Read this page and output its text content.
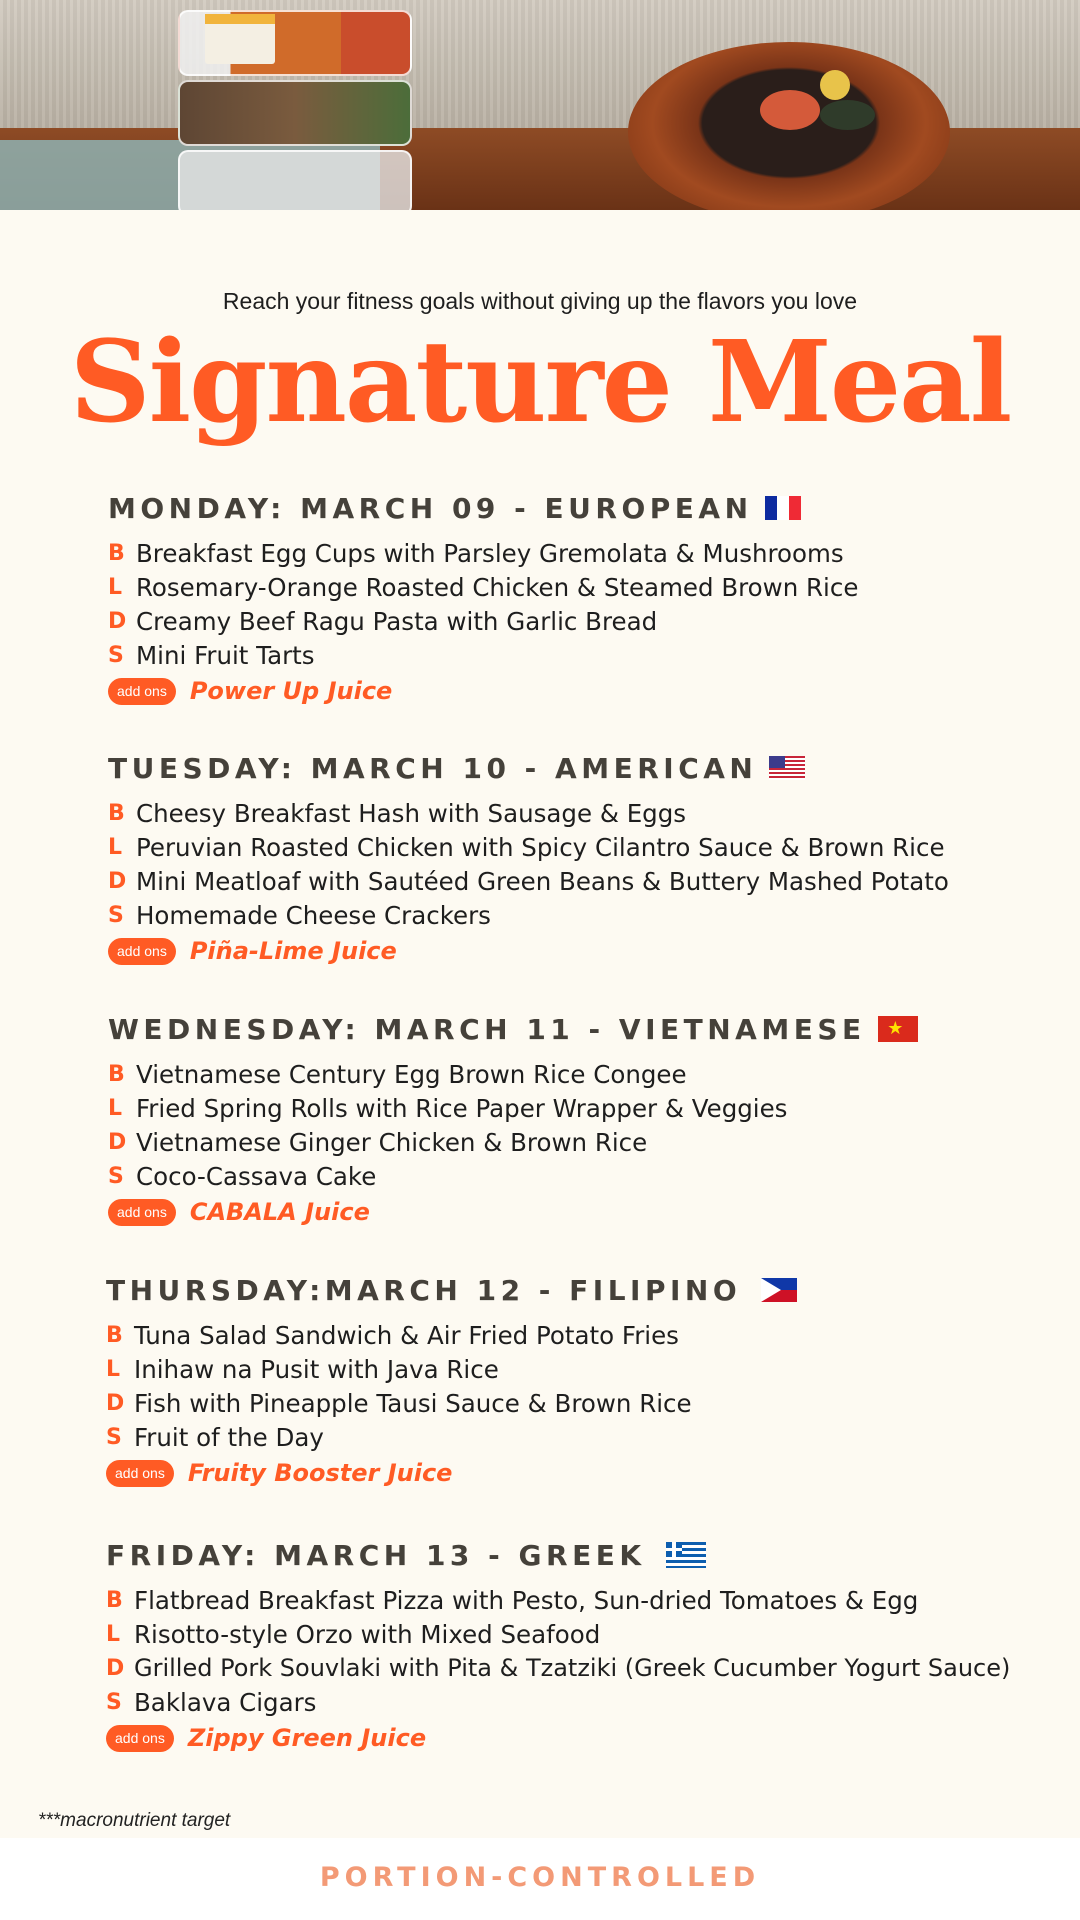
Reach your fitness goals without giving up the flavors you love
Signature Meal
MONDAY: MARCH 09 - EUROPEAN
B Breakfast Egg Cups with Parsley Gremolata & Mushrooms
L Rosemary-Orange Roasted Chicken & Steamed Brown Rice
D Creamy Beef Ragu Pasta with Garlic Bread
S Mini Fruit Tarts
add ons Power Up Juice
TUESDAY: MARCH 10 - AMERICAN
B Cheesy Breakfast Hash with Sausage & Eggs
L Peruvian Roasted Chicken with Spicy Cilantro Sauce & Brown Rice
D Mini Meatloaf with Sautéed Green Beans & Buttery Mashed Potato
S Homemade Cheese Crackers
add ons Piña-Lime Juice
WEDNESDAY: MARCH 11 - VIETNAMESE
★
B Vietnamese Century Egg Brown Rice Congee
L Fried Spring Rolls with Rice Paper Wrapper & Veggies
D Vietnamese Ginger Chicken & Brown Rice
S Coco-Cassava Cake
add ons CABALA Juice
THURSDAY:MARCH 12 - FILIPINO
B Tuna Salad Sandwich & Air Fried Potato Fries
L Inihaw na Pusit with Java Rice
D Fish with Pineapple Tausi Sauce & Brown Rice
S Fruit of the Day
add ons Fruity Booster Juice
FRIDAY: MARCH 13 - GREEK
B Flatbread Breakfast Pizza with Pesto, Sun-dried Tomatoes & Egg
L Risotto-style Orzo with Mixed Seafood
D Grilled Pork Souvlaki with Pita & Tzatziki (Greek Cucumber Yogurt Sauce)
S Baklava Cigars
add ons Zippy Green Juice
***macronutrient target
PORTION-CONTROLLED
